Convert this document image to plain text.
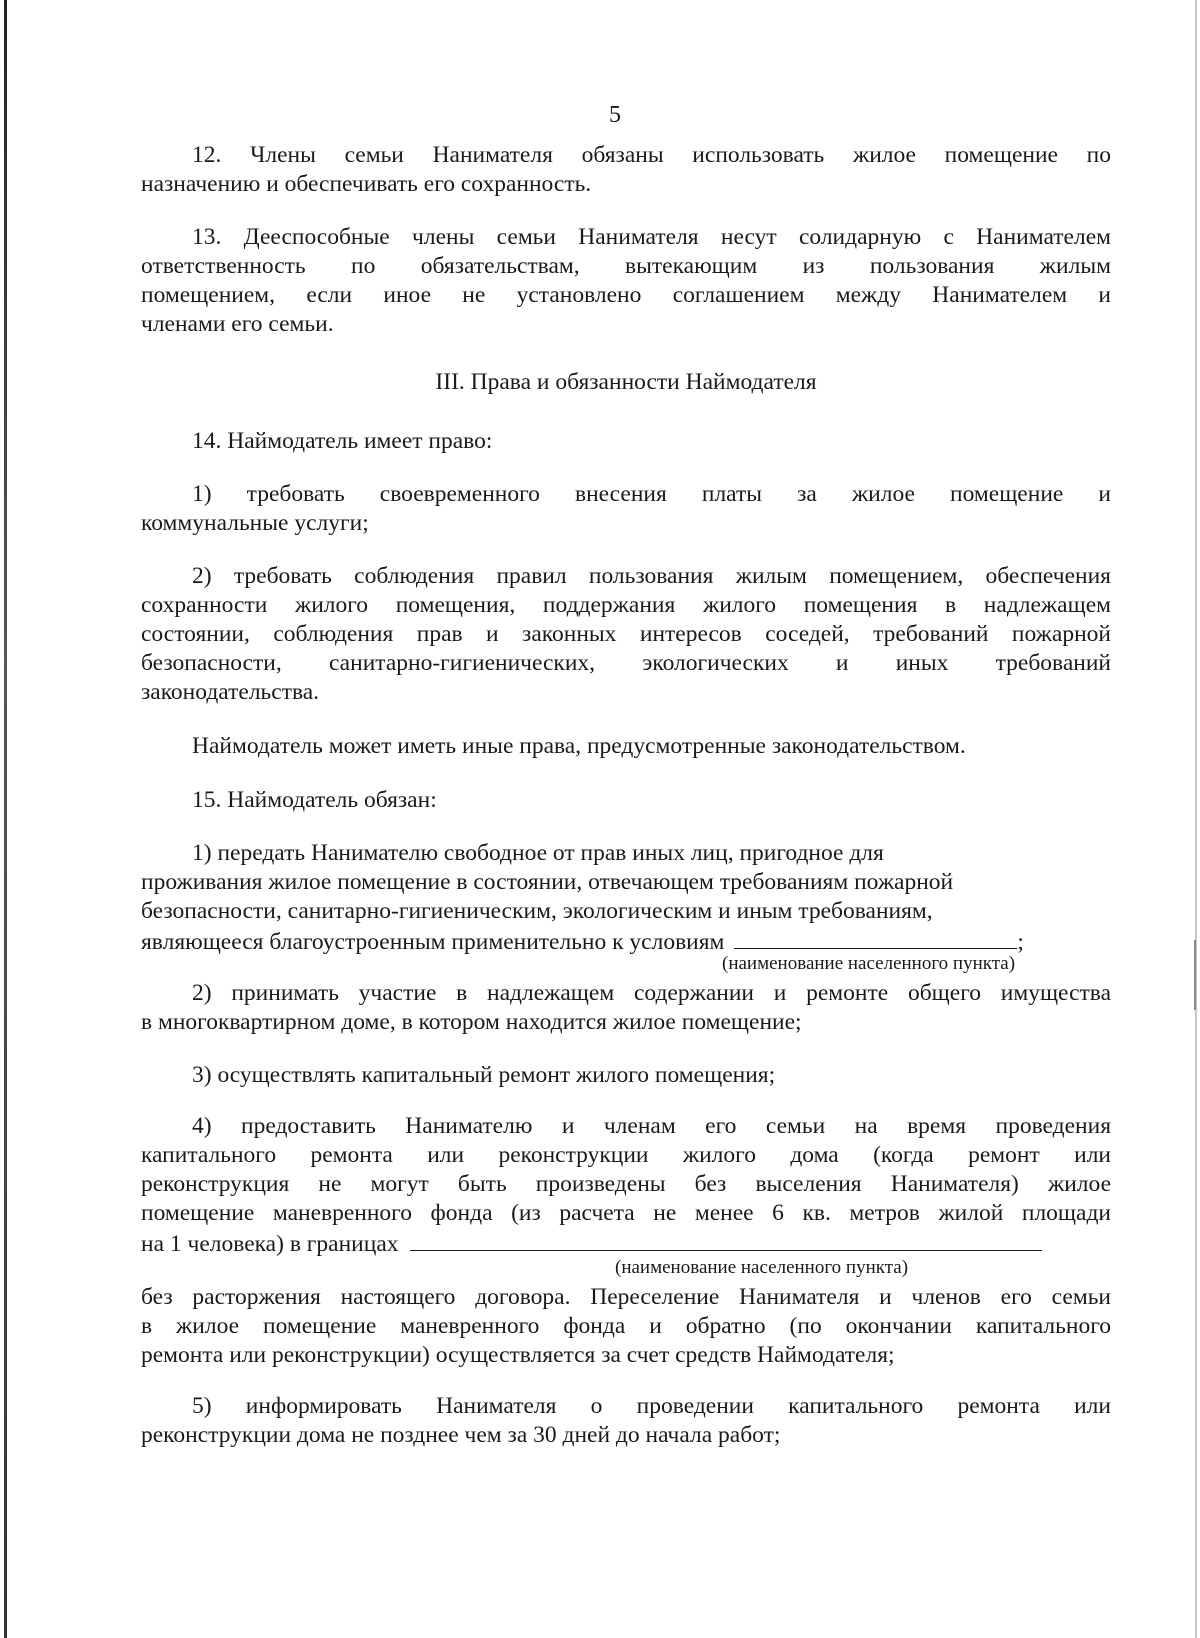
5
12. Члены семьи Нанимателя обязаны использовать жилое помещение по
назначению и обеспечивать его сохранность.
13. Дееспособные члены семьи Нанимателя несут солидарную с Нанимателем
ответственность по обязательствам, вытекающим из пользования жилым
помещением, если иное не установлено соглашением между Нанимателем и
членами его семьи.
III. Права и обязанности Наймодателя
14. Наймодатель имеет право:
1) требовать своевременного внесения платы за жилое помещение и
коммунальные услуги;
2) требовать соблюдения правил пользования жилым помещением, обеспечения
сохранности жилого помещения, поддержания жилого помещения в надлежащем
состоянии, соблюдения прав и законных интересов соседей, требований пожарной
безопасности, санитарно-гигиенических, экологических и иных требований
законодательства.
Наймодатель может иметь иные права, предусмотренные законодательством.
15. Наймодатель обязан:
1) передать Нанимателю свободное от прав иных лиц, пригодное для
проживания жилое помещение в состоянии, отвечающем требованиям пожарной
безопасности, санитарно-гигиеническим, экологическим и иным требованиям,
являющееся благоустроенным применительно к условиям	;
(наименование населенного пункта)
2) принимать участие в надлежащем содержании и ремонте общего имущества
в многоквартирном доме, в котором находится жилое помещение;
3) осуществлять капитальный ремонт жилого помещения;
4) предоставить Нанимателю и членам его семьи на время проведения
капитального ремонта или реконструкции жилого дома (когда ремонт или
реконструкция не могут быть произведены без выселения Нанимателя) жилое
помещение маневренного фонда (из расчета не менее 6 кв. метров жилой площади
на 1 человека) в границах
(наименование населенного пункта)
без расторжения настоящего договора. Переселение Нанимателя и членов его семьи
в жилое помещение маневренного фонда и обратно (по окончании капитального
ремонта или реконструкции) осуществляется за счет средств Наймодателя;
5) информировать Нанимателя о проведении капитального ремонта или
реконструкции дома не позднее чем за 30 дней до начала работ;
